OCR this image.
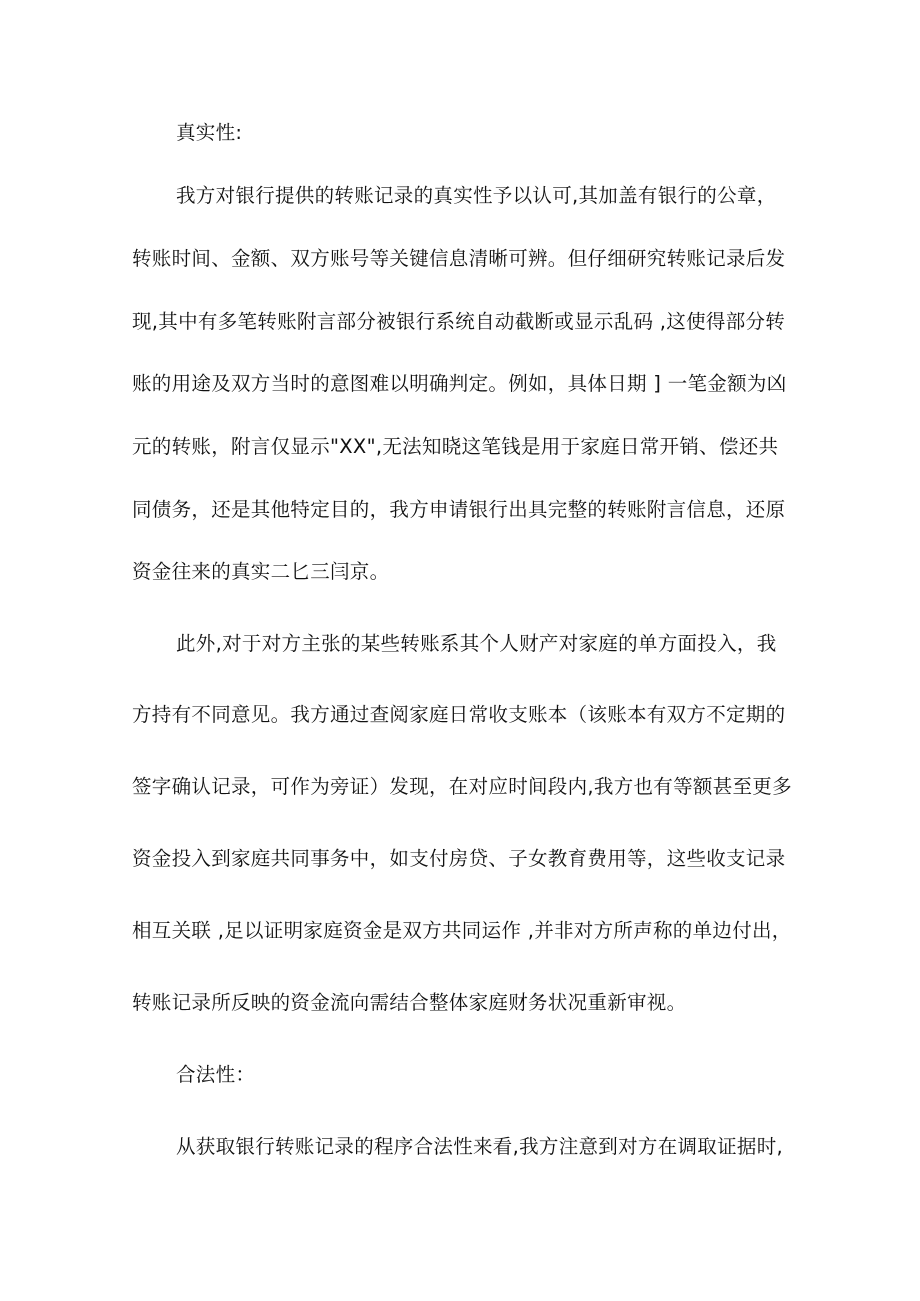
真实性:

我方对银行提供的转账记录的真实性予以认可,其加盖有银行的公章，

转账时间、金额、双方账号等关键信息清晰可辨。但仔细研究转账记录后发

现,其中有多笔转账附言部分被银行系统自动截断或显示乱码 ,这使得部分转

账的用途及双方当时的意图难以明确判定。例如，具体日期 ] 一笔金额为凶

元的转账，附言仅显示"XX",无法知晓这笔钱是用于家庭日常开销、偿还共

同债务，还是其他特定目的，我方申请银行出具完整的转账附言信息，还原

资金往来的真实二匕三闫京。

此外,对于对方主张的某些转账系其个人财产对家庭的单方面投入，我

方持有不同意见。我方通过查阅家庭日常收支账本（该账本有双方不定期的

签字确认记录，可作为旁证）发现，在对应时间段内,我方也有等额甚至更多

资金投入到家庭共同事务中，如支付房贷、子女教育费用等，这些收支记录

相互关联 ,足以证明家庭资金是双方共同运作 ,并非对方所声称的单边付出，

转账记录所反映的资金流向需结合整体家庭财务状况重新审视。

合法性：

从获取银行转账记录的程序合法性来看,我方注意到对方在调取证据时,
